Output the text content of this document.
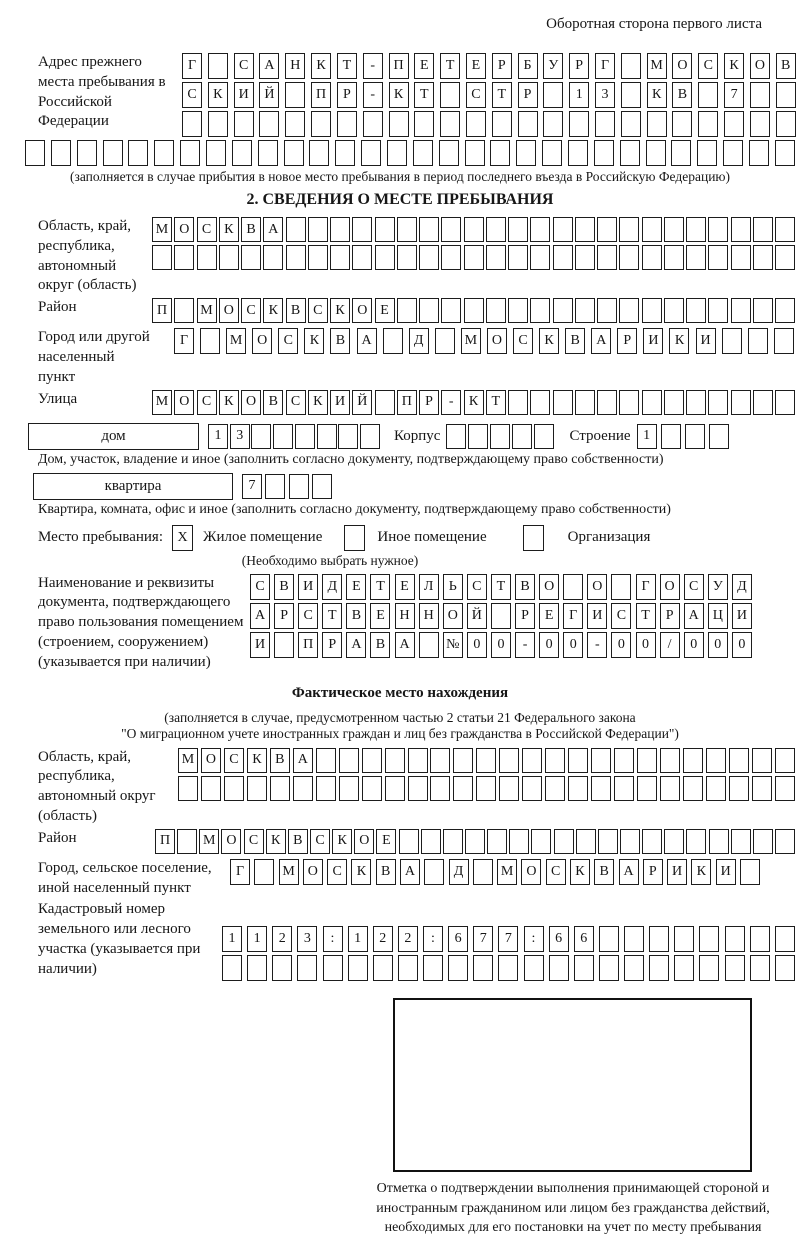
Оборотная сторона первого листа
Адрес прежнего места пребывания в Российской Федерации
Г	С	А	Н	К	Т	-	П	Е	Т	Е	Р	Б	У	Р	Г	М	О	С	К	О	В
С	К	И	Й	П	Р	-	К	Т	С	Т	Р	1	3	К	В	7
(заполняется в случае прибытия в новое место пребывания в период последнего въезда в Российскую Федерацию)
2. СВЕДЕНИЯ О МЕСТЕ ПРЕБЫВАНИЯ
Область, край, республика, автономный округ (область)
М О С К В А
Район	П	М О С К В С К О Е
Город или другой населенный пункт
Г	М	О	С	К	В	А	Д	М	О	С	К	В	А	Р	И	К	И
Улица	М О С К О В С К И Й	П Р	-	К Т
дом	1	3	Корпус	Строение 1
Дом, участок, владение и иное (заполнить согласно документу, подтверждающему право собственности)
квартира	7
Квартира, комната, офис и иное (заполнить согласно документу, подтверждающему право собственности)
Место пребывания:	X	Жилое помещение	Иное помещение	Организация
(Необходимо выбрать нужное)
Наименование и реквизиты документа, подтверждающего право пользования помещением (строением, сооружением) (указывается при наличии)
С	В	И	Д	Е	Т	Е	Л	Ь	С	Т	В	О	О	Г	О	С	У	Д
А	Р	С	Т	В	Е	Н Н О Й	Р	Е	Г	И	С	Т	Р	А Ц И
И	П	Р	А	В	А	№ 0	0	-	0	0	-	0	0	/	0	0	0
Фактическое место нахождения
(заполняется в случае, предусмотренном частью 2 статьи 21 Федерального закона
"О миграционном учете иностранных граждан и лиц без гражданства в Российской Федерации")
Область, край, республика, автономный округ (область)
М О С К В А
Район	П	М О С К В С К О Е
Город, сельское поселение, иной населенный пункт
Г	М О	С	К	В	А	Д	М О	С	К	В	А	Р	И	К	И
Кадастровый номер земельного или лесного участка (указывается при наличии)
1	1	2	3	:	1	2	2	:	6	7	7	:	6	6
Отметка о подтверждении выполнения принимающей стороной и иностранным гражданином или лицом без гражданства действий, необходимых для его постановки на учет по месту пребывания
